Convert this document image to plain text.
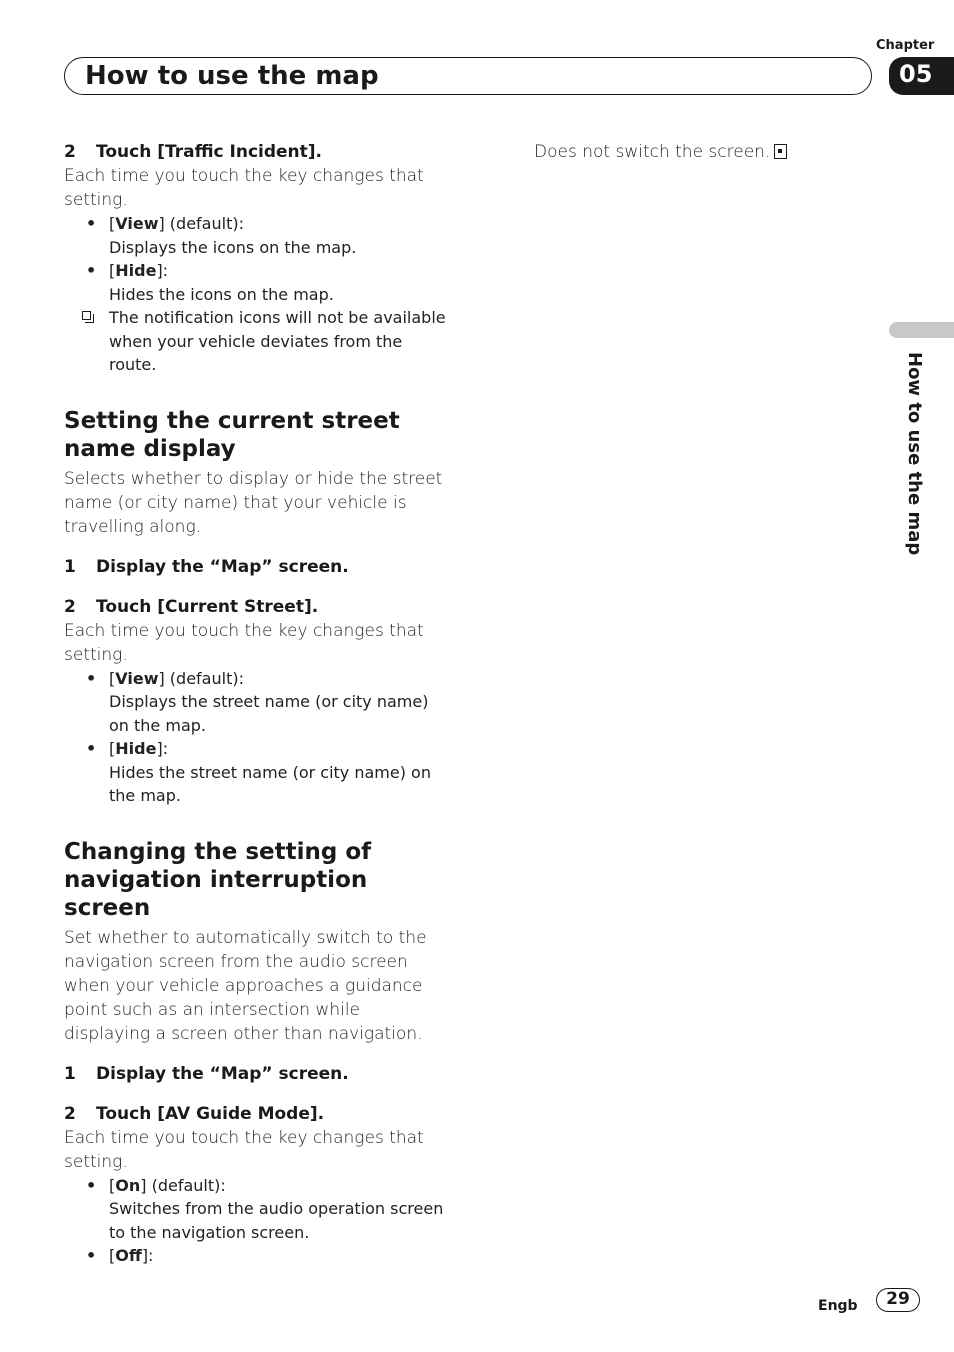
Chapter
How to use the map	05
How to use the map

2 Touch [Traffic Incident].

Each time you touch the key changes that setting.

• [View] (default):
Displays the icons on the map.

• [Hide]:
Hides the icons on the map.

The notification icons will not be available when your vehicle deviates from the route.

Setting the current street name display

Selects whether to display or hide the street name (or city name) that your vehicle is travelling along.

1 Display the “Map” screen.

2 Touch [Current Street].

Each time you touch the key changes that setting.

• [View] (default):
Displays the street name (or city name) on the map.

• [Hide]:
Hides the street name (or city name) on the map.

Changing the setting of navigation interruption screen

Set whether to automatically switch to the navigation screen from the audio screen when your vehicle approaches a guidance point such as an intersection while displaying a screen other than navigation.

1 Display the “Map” screen.

2 Touch [AV Guide Mode].

Each time you touch the key changes that setting.

• [On] (default):
Switches from the audio operation screen to the navigation screen.

• [Off]:

Does not switch the screen.

Engb	29
